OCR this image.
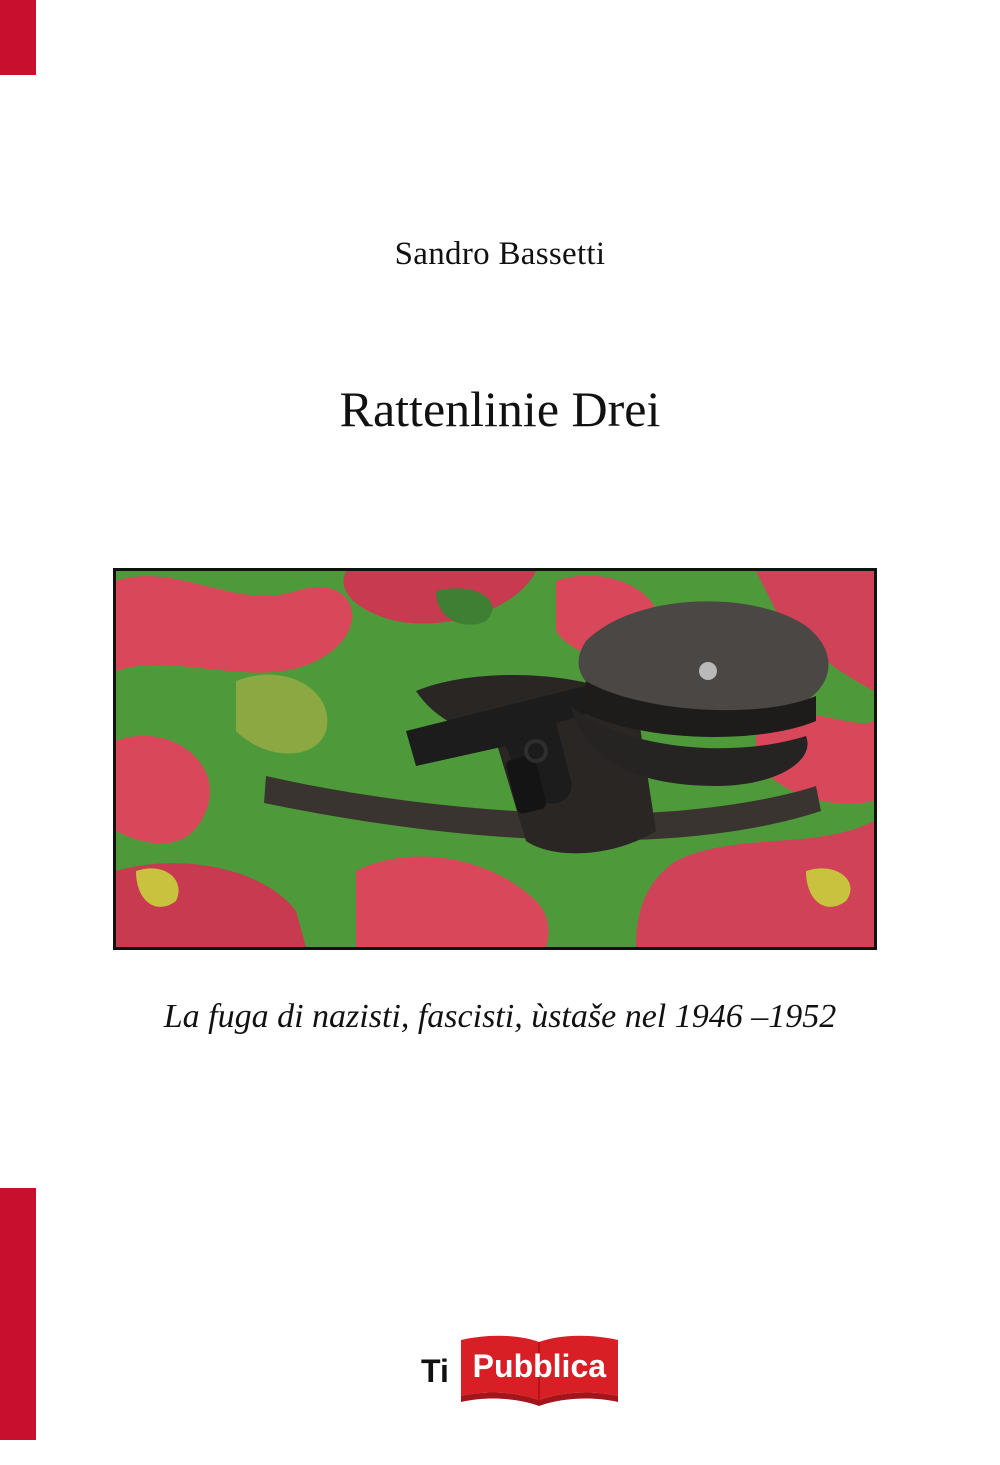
Sandro Bassetti
Rattenlinie Drei
La fuga di nazisti, fascisti, ùstaše nel 1946 –1952
Ti Pubblica
